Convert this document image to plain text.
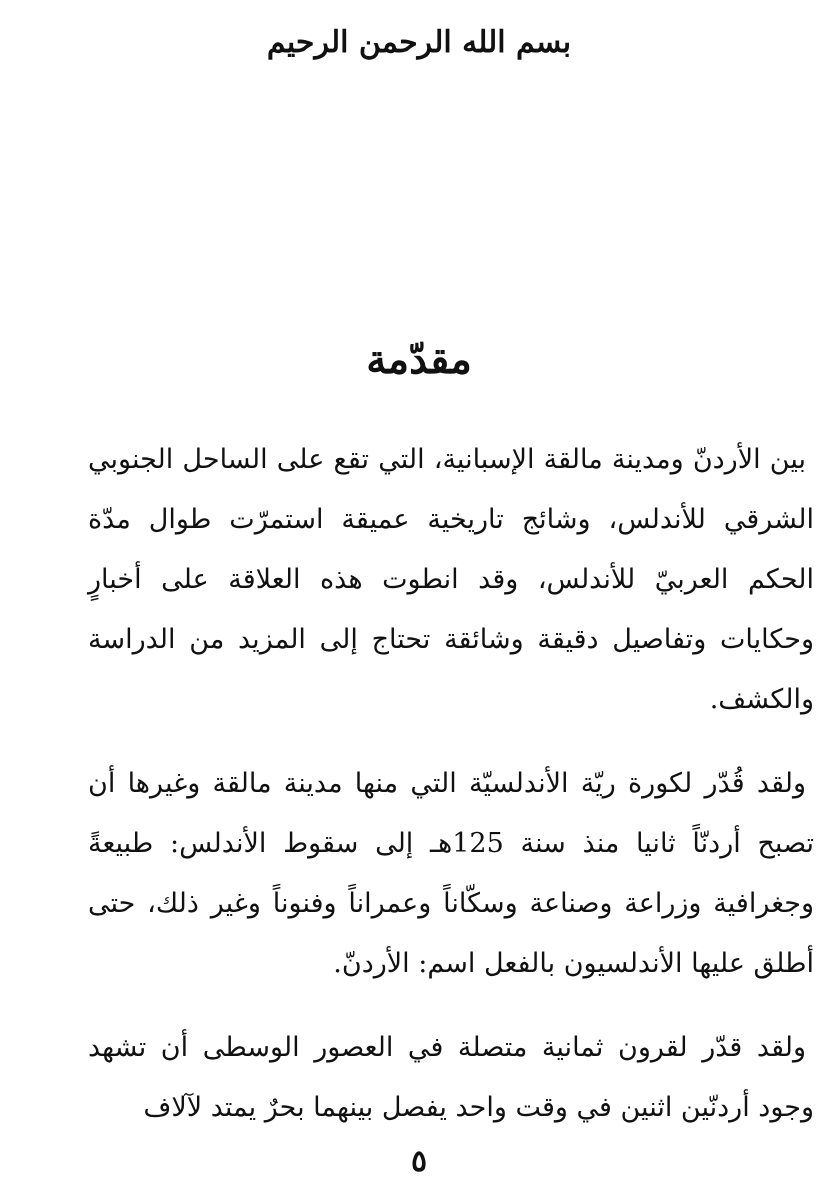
بسم الله الرحمن الرحيم

مقدّمة

بين الأردنّ ومدينة مالقة الإسبانية، التي تقع على الساحل الجنوبي الشرقي للأندلس، وشائج تاريخية عميقة استمرّت طوال مدّة الحكم العربيّ للأندلس، وقد انطوت هذه العلاقة على أخبارٍ وحكايات وتفاصيل دقيقة وشائقة تحتاج إلى المزيد من الدراسة والكشف.

ولقد قُدّر لكورة ريّة الأندلسيّة التي منها مدينة مالقة وغيرها أن تصبح أردنّاً ثانيا منذ سنة 125هـ إلى سقوط الأندلس: طبيعةً وجغرافية وزراعة وصناعة وسكّاناً وعمراناً وفنوناً وغير ذلك، حتى أطلق عليها الأندلسيون بالفعل اسم: الأردنّ.

ولقد قدّر لقرون ثمانية متصلة في العصور الوسطى أن تشهد وجود أردنّين اثنين في وقت واحد يفصل بينهما بحرٌ يمتد لآلاف

٥
